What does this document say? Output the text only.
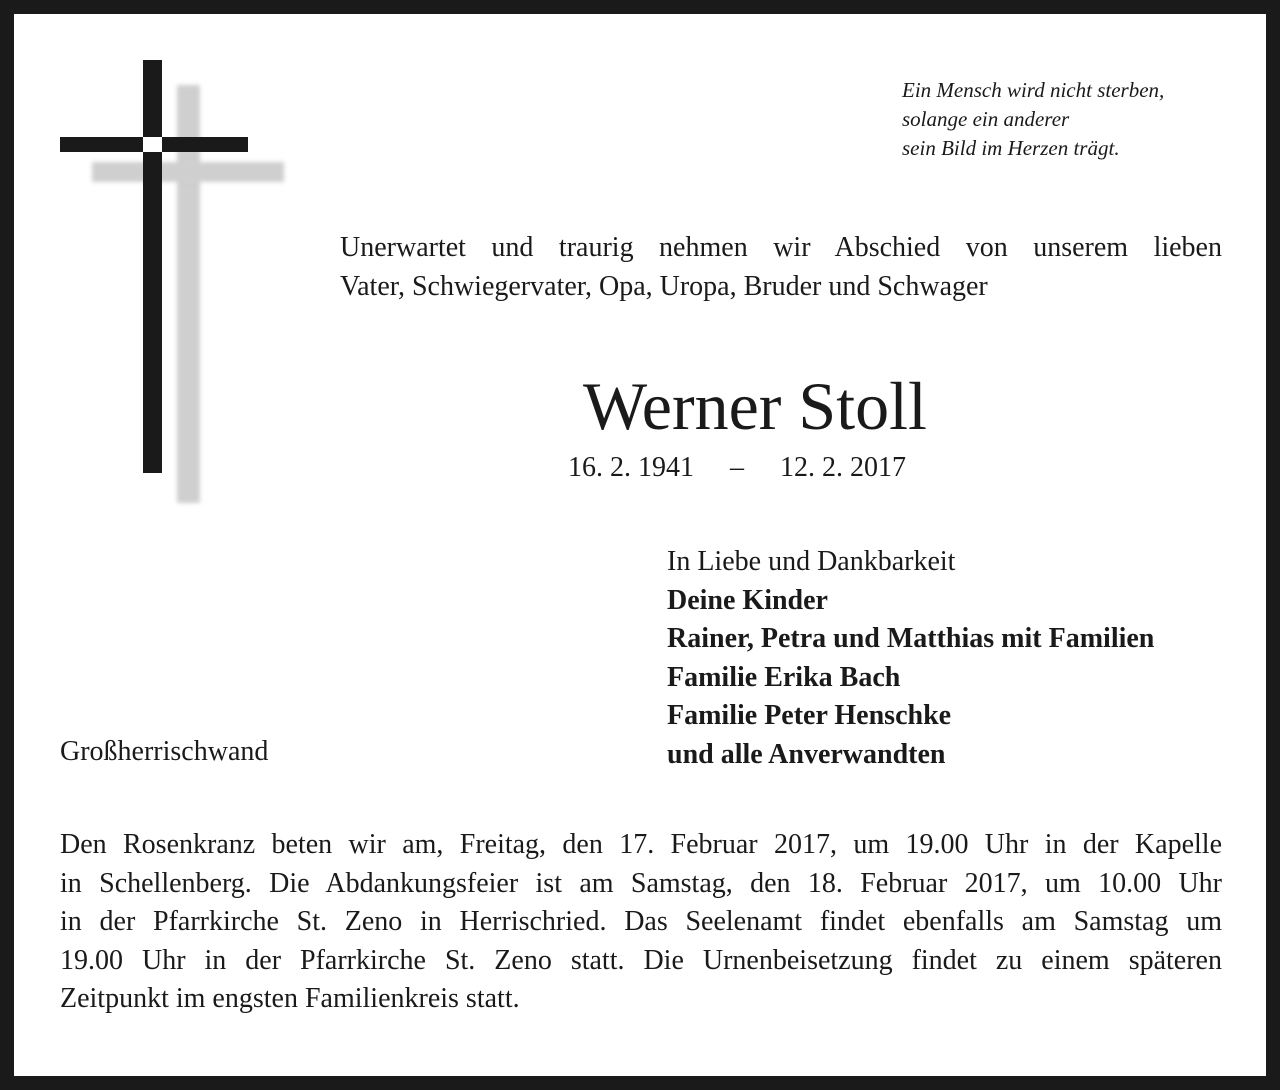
Ein Mensch wird nicht sterben,
solange ein anderer
sein Bild im Herzen trägt.
Unerwartet und traurig nehmen wir Abschied von unserem lieben
Vater, Schwiegervater, Opa, Uropa, Bruder und Schwager
Werner Stoll
16. 2. 1941 – 12. 2. 2017
In Liebe und Dankbarkeit
Deine Kinder
Rainer, Petra und Matthias mit Familien
Familie Erika Bach
Familie Peter Henschke
und alle Anverwandten
Großherrischwand
Den Rosenkranz beten wir am, Freitag, den 17. Februar 2017, um 19.00 Uhr in der Kapelle
in Schellenberg. Die Abdankungsfeier ist am Samstag, den 18. Februar 2017, um 10.00 Uhr
in der Pfarrkirche St. Zeno in Herrischried. Das Seelenamt findet ebenfalls am Samstag um
19.00 Uhr in der Pfarrkirche St. Zeno statt. Die Urnenbeisetzung findet zu einem späteren
Zeitpunkt im engsten Familienkreis statt.
